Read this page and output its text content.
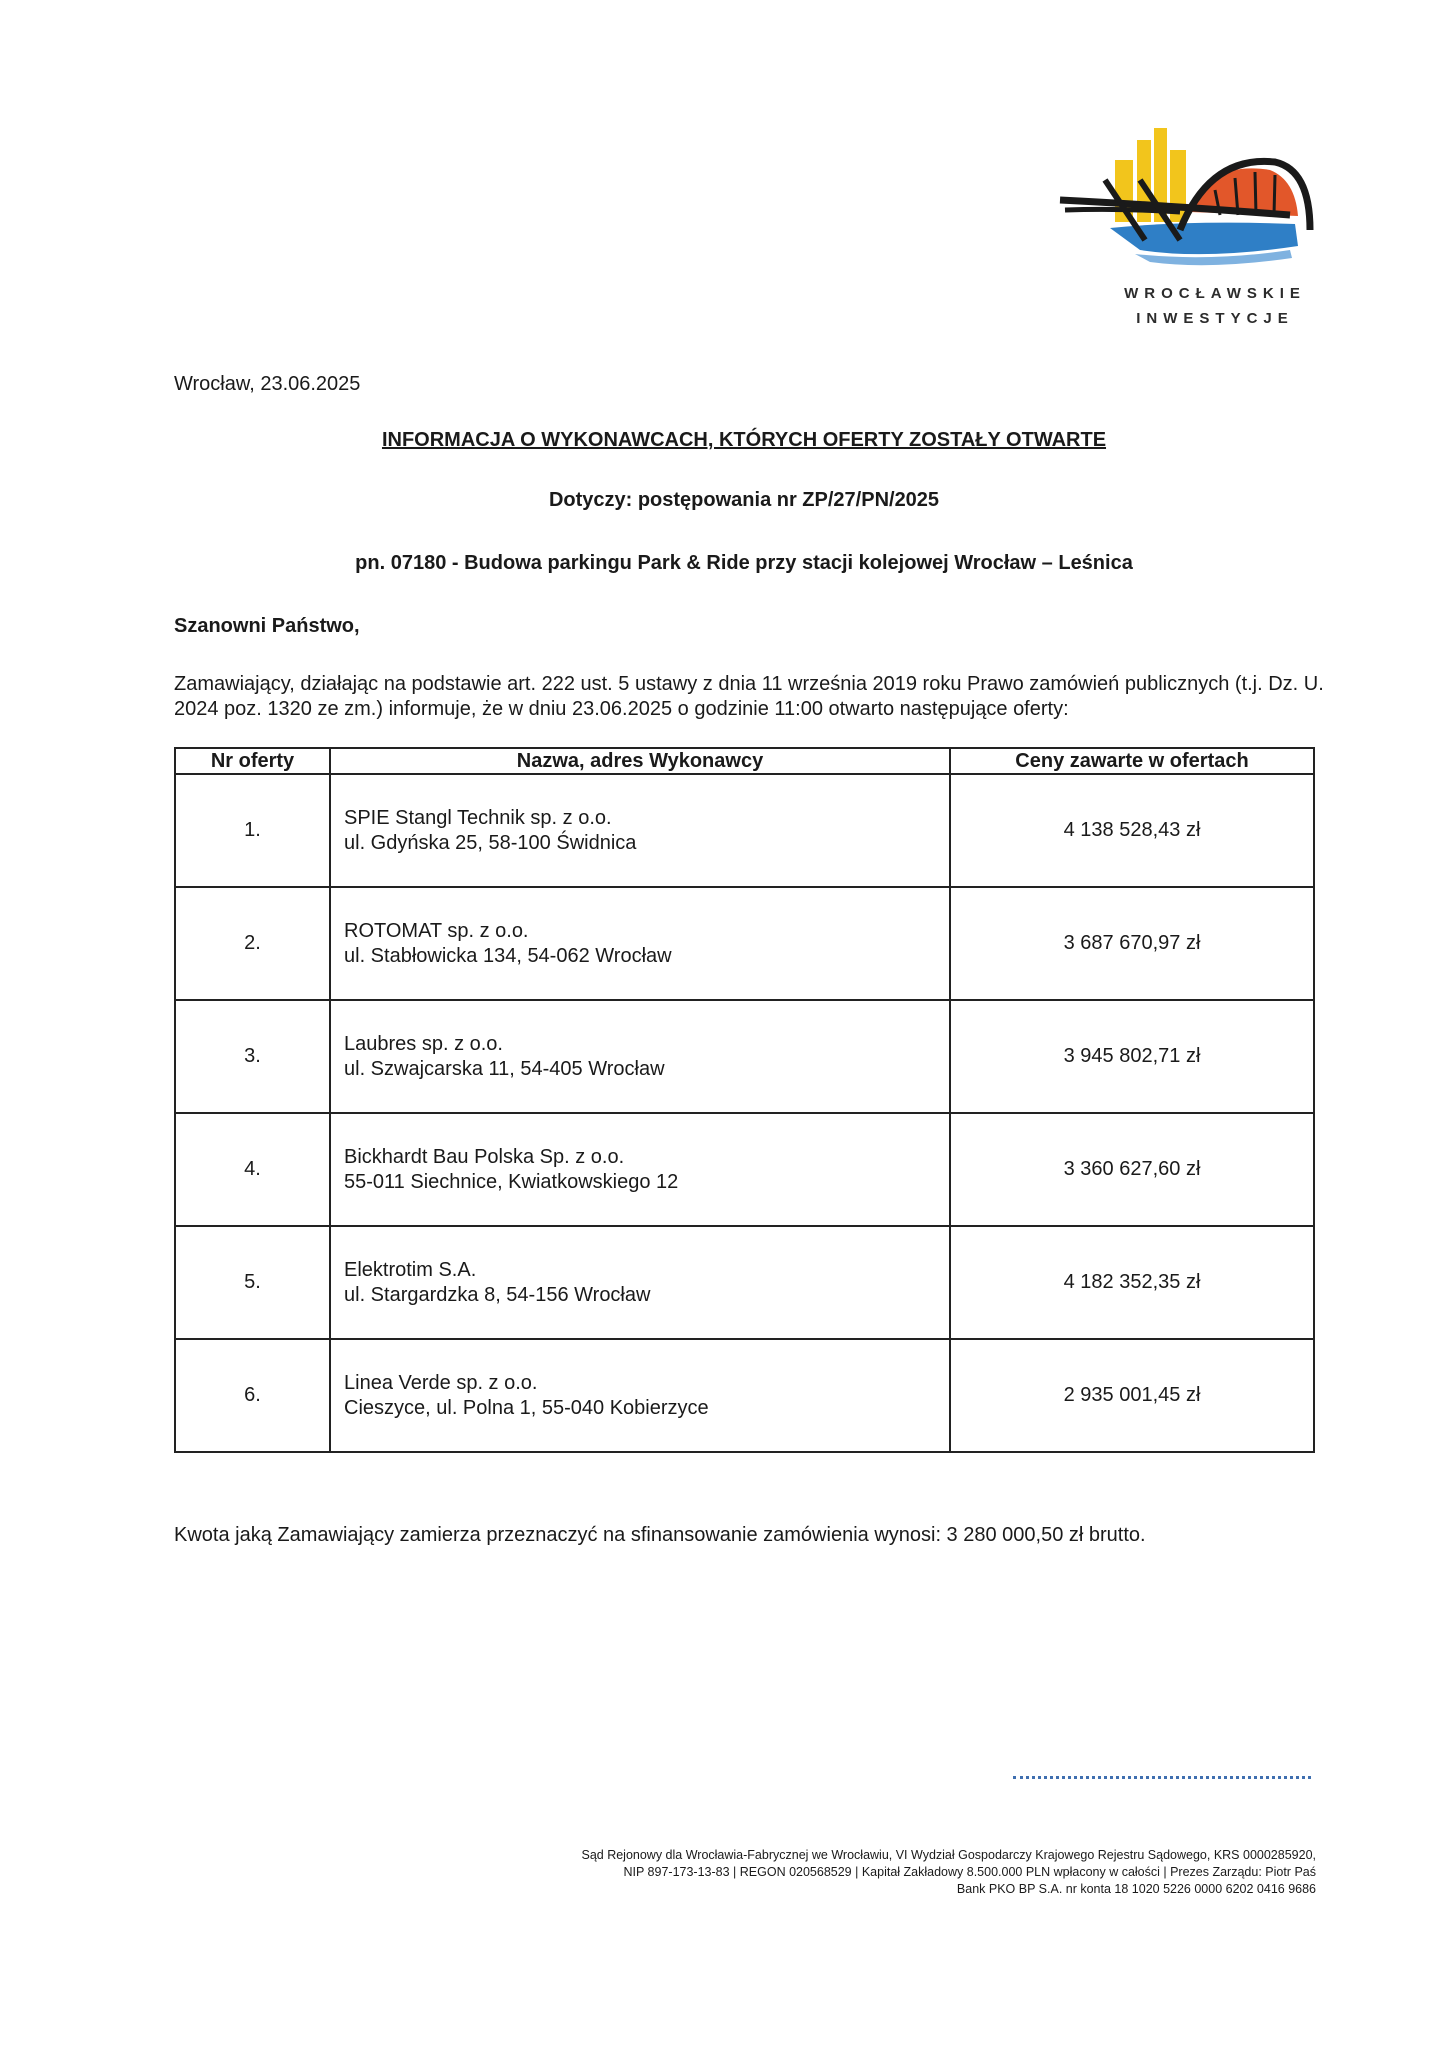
WROCŁAWSKIE
INWESTYCJE
Wrocław, 23.06.2025
INFORMACJA O WYKONAWCACH, KTÓRYCH OFERTY ZOSTAŁY OTWARTE
Dotyczy: postępowania nr ZP/27/PN/2025
pn. 07180 - Budowa parkingu Park & Ride przy stacji kolejowej Wrocław – Leśnica
Szanowni Państwo,
Zamawiający, działając na podstawie art. 222 ust. 5 ustawy z dnia 11 września 2019 roku Prawo zamówień publicznych (t.j. Dz. U. 2024 poz. 1320 ze zm.) informuje, że w dniu 23.06.2025 o godzinie 11:00 otwarto następujące oferty:
Nr oferty	Nazwa, adres Wykonawcy	Ceny zawarte w ofertach
1.	SPIE Stangl Technik sp. z o.o.
ul. Gdyńska 25, 58-100 Świdnica	4 138 528,43 zł
2.	ROTOMAT sp. z o.o.
ul. Stabłowicka 134, 54-062 Wrocław	3 687 670,97 zł
3.	Laubres sp. z o.o.
ul. Szwajcarska 11, 54-405 Wrocław	3 945 802,71 zł
4.	Bickhardt Bau Polska Sp. z o.o.
55-011 Siechnice, Kwiatkowskiego 12	3 360 627,60 zł
5.	Elektrotim S.A.
ul. Stargardzka 8, 54-156 Wrocław	4 182 352,35 zł
6.	Linea Verde sp. z o.o.
Cieszyce, ul. Polna 1, 55-040 Kobierzyce	2 935 001,45 zł
Kwota jaką Zamawiający zamierza przeznaczyć na sfinansowanie zamówienia wynosi: 3 280 000,50 zł brutto.
Sąd Rejonowy dla Wrocławia-Fabrycznej we Wrocławiu, VI Wydział Gospodarczy Krajowego Rejestru Sądowego, KRS 0000285920,
NIP 897-173-13-83 | REGON 020568529 | Kapitał Zakładowy 8.500.000 PLN wpłacony w całości | Prezes Zarządu: Piotr Paś
Bank PKO BP S.A. nr konta 18 1020 5226 0000 6202 0416 9686
